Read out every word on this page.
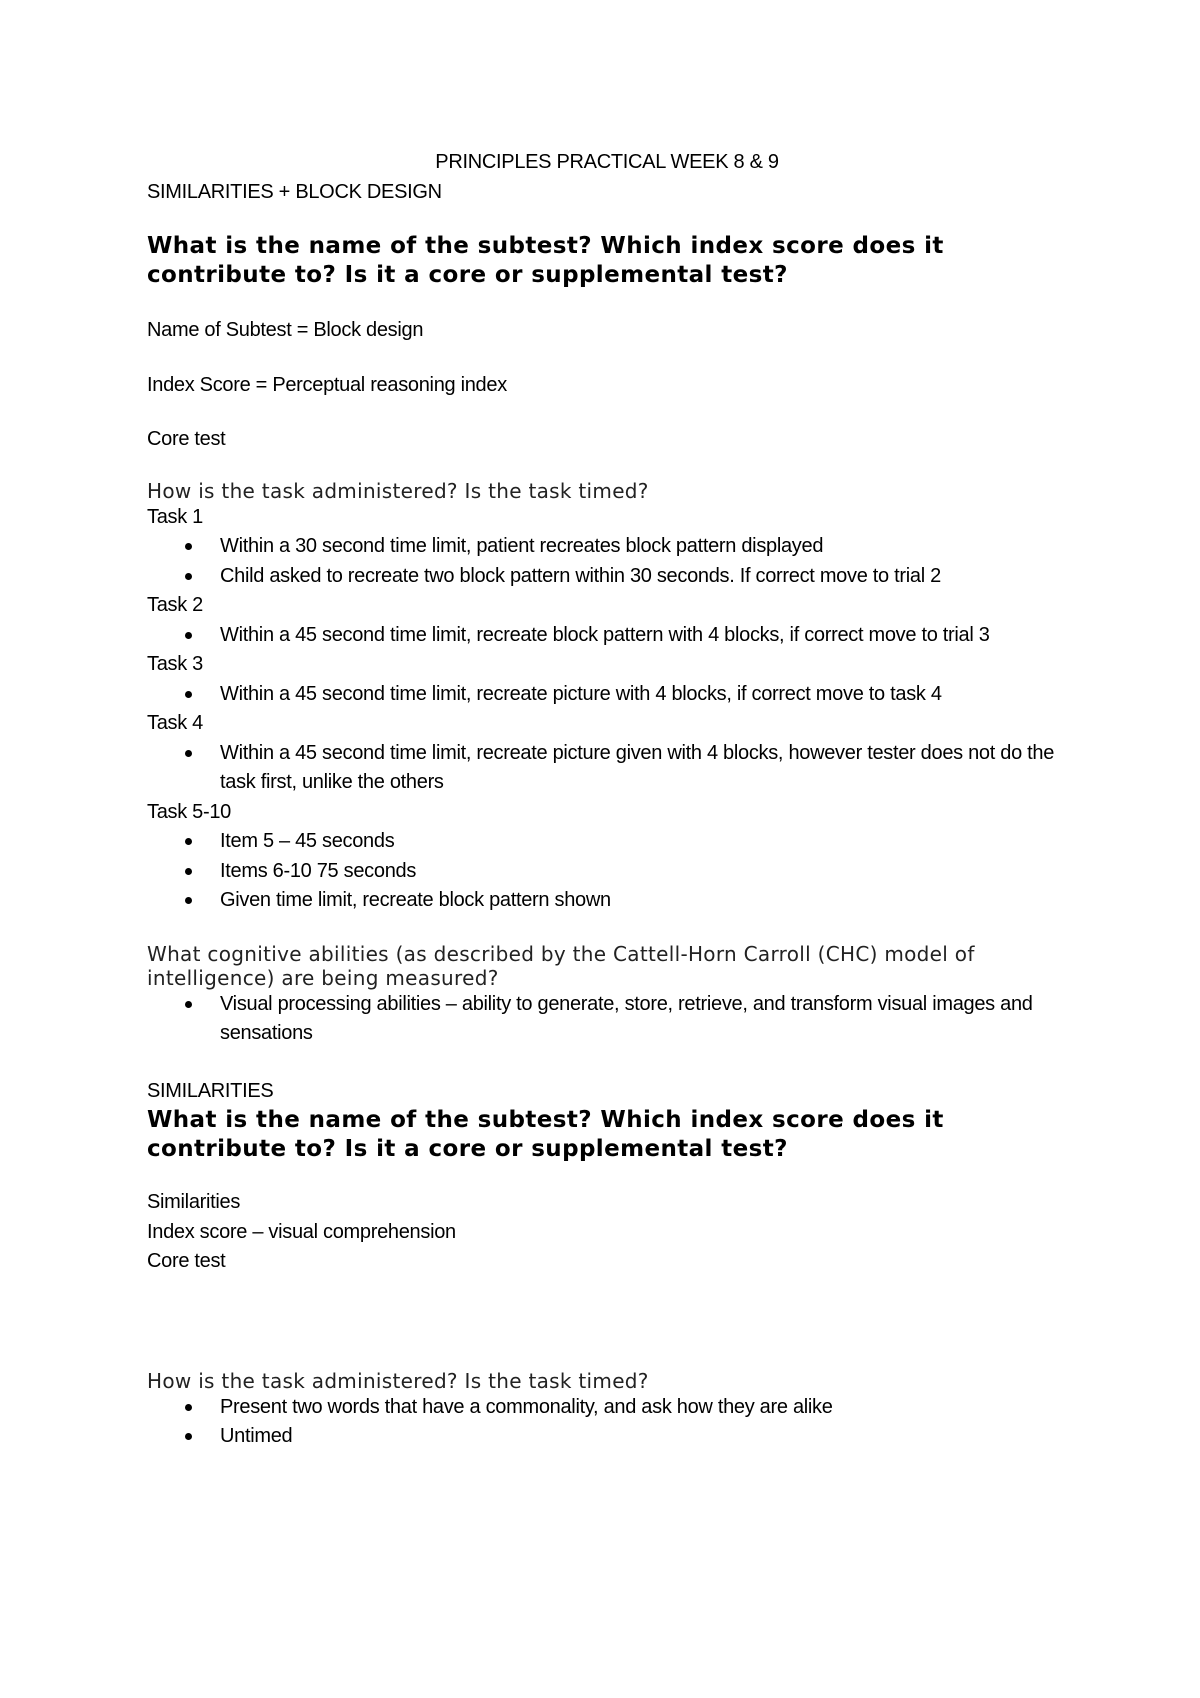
PRINCIPLES PRACTICAL WEEK 8 & 9

SIMILARITIES + BLOCK DESIGN

What is the name of the subtest? Which index score does it contribute to? Is it a core or supplemental test?

Name of Subtest = Block design

Index Score = Perceptual reasoning index

Core test

How is the task administered? Is the task timed?

Task 1

Within a 30 second time limit, patient recreates block pattern displayed
Child asked to recreate two block pattern within 30 seconds. If correct move to trial 2

Task 2

Within a 45 second time limit, recreate block pattern with 4 blocks, if correct move to trial 3

Task 3

Within a 45 second time limit, recreate picture with 4 blocks, if correct move to task 4

Task 4

Within a 45 second time limit, recreate picture given with 4 blocks, however tester does not do the task first, unlike the others

Task 5-10

Item 5 – 45 seconds
Items 6-10 75 seconds
Given time limit, recreate block pattern shown

What cognitive abilities (as described by the Cattell-Horn Carroll (CHC) model of intelligence) are being measured?

Visual processing abilities – ability to generate, store, retrieve, and transform visual images and sensations

SIMILARITIES

What is the name of the subtest? Which index score does it contribute to? Is it a core or supplemental test?

Similarities

Index score – visual comprehension

Core test

How is the task administered? Is the task timed?

Present two words that have a commonality, and ask how they are alike
Untimed
